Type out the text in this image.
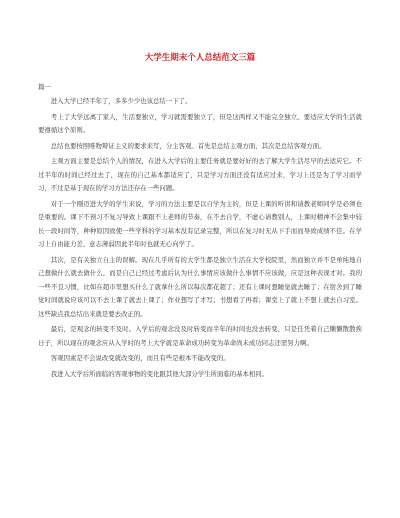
大学生期末个人总结范文三篇
篇一

进入大学已经半年了，多多少少也该总结一下了。

考上了大学远离了家人，生活要独立，学习就需要独立了，但是这两样又不能完全独立。要适应大学的生活就要遵循这个原则。

总结也要按照唯物辩证主义的要求来写，分主客观。首先是总结主观方面，其次是总结客观方面。

主观方面主要是总结个人的情况，在进入大学后的主要任务就是要好好的去了解大学生活尽早的去适应它。不过半年的时间已经过去了，现在的自己基本都适应了，只是学习方面还没有适应过来，学习上还是为了学习而学习，不过是基于现在的学习方法还存在一些问题。

对于一个刚迈进大学的学生来说，学习的方法主要是以自学为主的，但是上课的听讲和请教老师同学是必须也是重要的。课下不预习不复习导致上课跟不上老师的节奏，在不去自学，不虚心请教别人，上课时精神不会集中较长一段时间等，种种原因致使一些学科的学习基本没有记录完整，所以在复习时无从下手而而导致成绩不佳。在学习上自由能力差、意志薄弱因此半年时也就无心向学了。

其次，是有关独立自主的误解。现在几乎所有的大学生都是独立生活在大学校院里，然而独立并不是单纯地自己想做什么就去做什么，而是自己已经过考虑后认为什么事情应该做什么事情不应该做，应是这种表现才对。我的一些不良习惯，比如在超市里想买什么了就拿什么所以每次都花超了；还有上课时想睡觉就去睡了；在宿舍到了睡觉时间就说应该可以不去上课了就去上课了；作业想写了才写；书想看了再看；课堂上了就上不想上就去自习室。这些缺点我总结出来就是要去改正的。

最后，是观念的转变不及时。入学后的观念没及时转变而半年的时间也没去转变，只是任凭着自己懒懒散散挨日子，所以现在的观念应从入学时的考上大学就是革命成功转变为革命尚未成功同志还需努力啊。

客观因素是不会说改变就改变的，而且有些是根本不能改变的。

我进入大学后所面临的客观事物的变化跟其他大部分学生所面临的基本相同。
